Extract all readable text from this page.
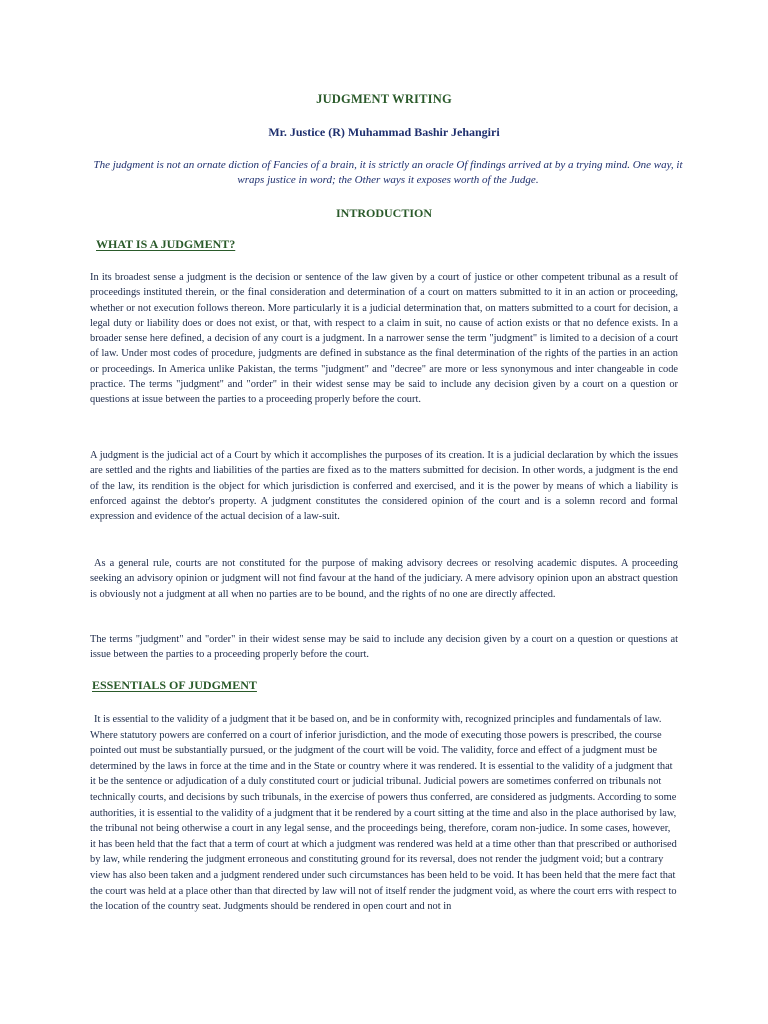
JUDGMENT WRITING
Mr. Justice (R) Muhammad Bashir Jehangiri
The judgment is not an ornate diction of Fancies of a brain, it is strictly an oracle Of findings arrived at by a trying mind. One way, it wraps justice in word; the Other ways it exposes worth of the Judge.
INTRODUCTION
WHAT IS A JUDGMENT?
In its broadest sense a judgment is the decision or sentence of the law given by a court of justice or other competent tribunal as a result of proceedings instituted therein, or the final consideration and determination of a court on matters submitted to it in an action or proceeding, whether or not execution follows thereon. More particularly it is a judicial determination that, on matters submitted to a court for decision, a legal duty or liability does or does not exist, or that, with respect to a claim in suit, no cause of action exists or that no defence exists. In a broader sense here defined, a decision of any court is a judgment. In a narrower sense the term "judgment" is limited to a decision of a court of law. Under most codes of procedure, judgments are defined in substance as the final determination of the rights of the parties in an action or proceedings. In America unlike Pakistan, the terms "judgment" and "decree" are more or less synonymous and inter changeable in code practice. The terms "judgment" and "order" in their widest sense may be said to include any decision given by a court on a question or questions at issue between the parties to a proceeding properly before the court.
A judgment is the judicial act of a Court by which it accomplishes the purposes of its creation. It is a judicial declaration by which the issues are settled and the rights and liabilities of the parties are fixed as to the matters submitted for decision. In other words, a judgment is the end of the law, its rendition is the object for which jurisdiction is conferred and exercised, and it is the power by means of which a liability is enforced against the debtor's property. A judgment constitutes the considered opinion of the court and is a solemn record and formal expression and evidence of the actual decision of a law-suit.
As a general rule, courts are not constituted for the purpose of making advisory decrees or resolving academic disputes. A proceeding seeking an advisory opinion or judgment will not find favour at the hand of the judiciary. A mere advisory opinion upon an abstract question is obviously not a judgment at all when no parties are to be bound, and the rights of no one are directly affected.
The terms "judgment" and "order" in their widest sense may be said to include any decision given by a court on a question or questions at issue between the parties to a proceeding properly before the court.
ESSENTIALS OF JUDGMENT
It is essential to the validity of a judgment that it be based on, and be in conformity with, recognized principles and fundamentals of law. Where statutory powers are conferred on a court of inferior jurisdiction, and the mode of executing those powers is prescribed, the course pointed out must be substantially pursued, or the judgment of the court will be void. The validity, force and effect of a judgment must be determined by the laws in force at the time and in the State or country where it was rendered. It is essential to the validity of a judgment that it be the sentence or adjudication of a duly constituted court or judicial tribunal. Judicial powers are sometimes conferred on tribunals not technically courts, and decisions by such tribunals, in the exercise of powers thus conferred, are considered as judgments. According to some authorities, it is essential to the validity of a judgment that it be rendered by a court sitting at the time and also in the place authorised by law, the tribunal not being otherwise a court in any legal sense, and the proceedings being, therefore, coram non-judice. In some cases, however, it has been held that the fact that a term of court at which a judgment was rendered was held at a time other than that prescribed or authorised by law, while rendering the judgment erroneous and constituting ground for its reversal, does not render the judgment void; but a contrary view has also been taken and a judgment rendered under such circumstances has been held to be void. It has been held that the mere fact that the court was held at a place other than that directed by law will not of itself render the judgment void, as where the court errs with respect to the location of the country seat. Judgments should be rendered in open court and not in
